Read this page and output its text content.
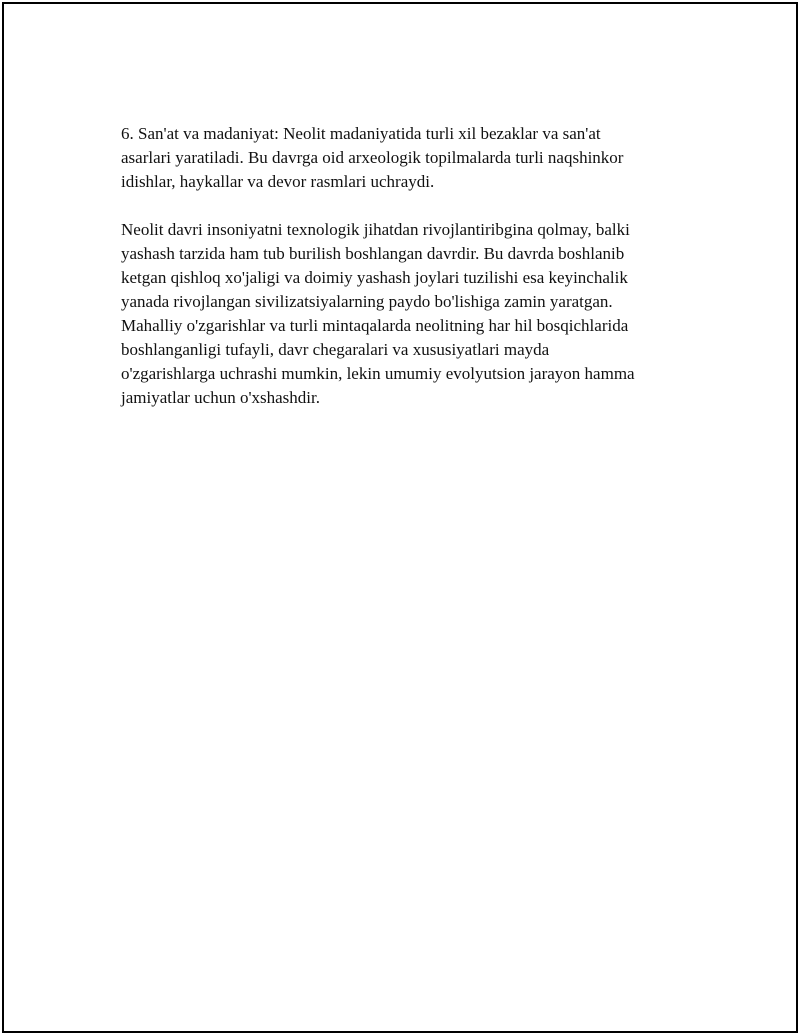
6. San'at va madaniyat: Neolit madaniyatida turli xil bezaklar va san'at
asarlari yaratiladi. Bu davrga oid arxeologik topilmalarda turli naqshinkor
idishlar, haykallar va devor rasmlari uchraydi.

Neolit davri insoniyatni texnologik jihatdan rivojlantiribgina qolmay, balki
yashash tarzida ham tub burilish boshlangan davrdir. Bu davrda boshlanib
ketgan qishloq xo'jaligi va doimiy yashash joylari tuzilishi esa keyinchalik
yanada rivojlangan sivilizatsiyalarning paydo bo'lishiga zamin yaratgan.
Mahalliy o'zgarishlar va turli mintaqalarda neolitning har hil bosqichlarida
boshlanganligi tufayli, davr chegaralari va xususiyatlari mayda
o'zgarishlarga uchrashi mumkin, lekin umumiy evolyutsion jarayon hamma
jamiyatlar uchun o'xshashdir.
